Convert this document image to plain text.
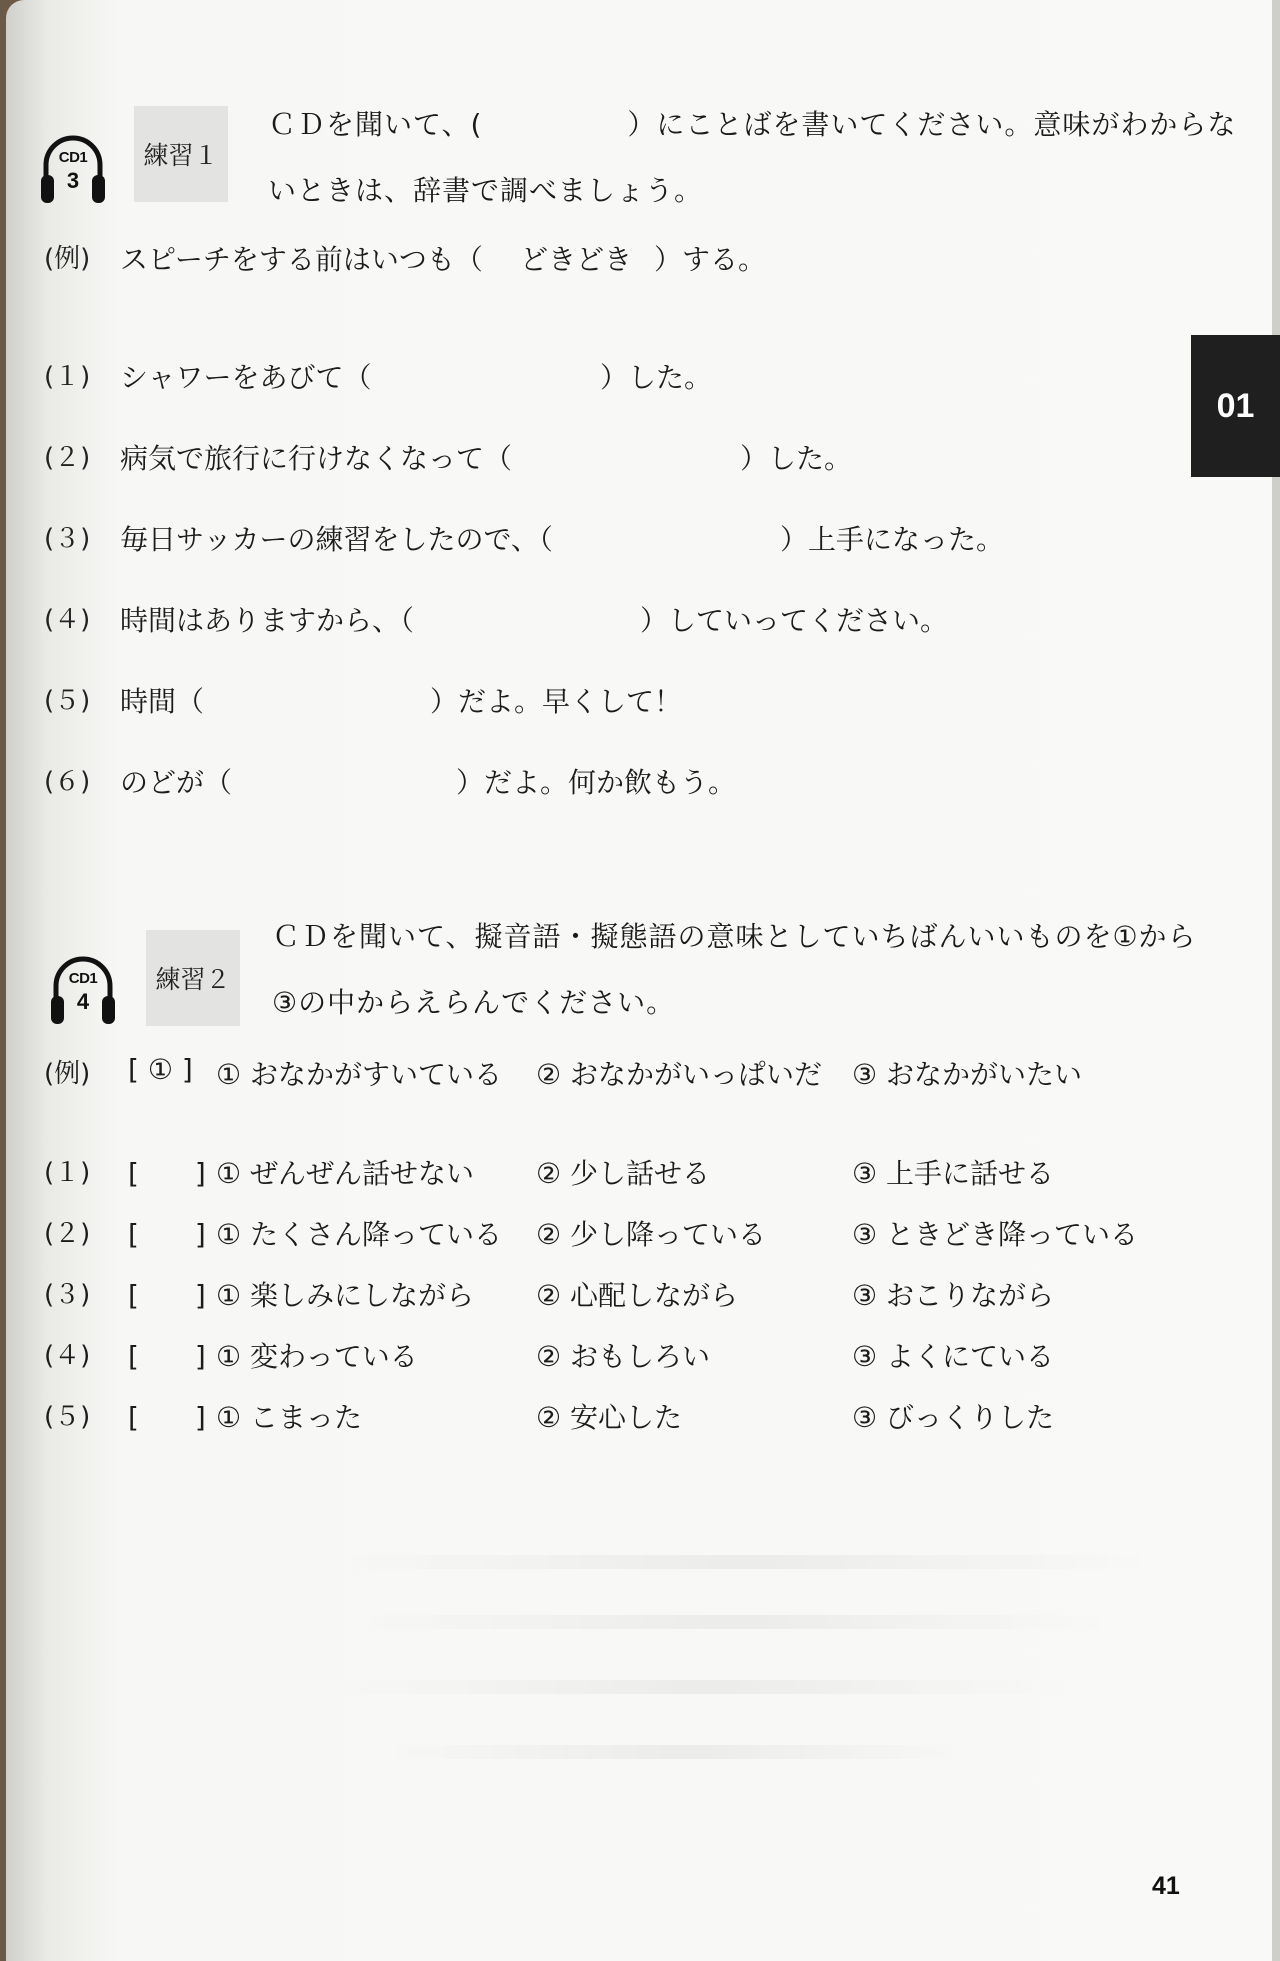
CD1
3
練習１
ＣＤを聞いて、(　　　　　）にことばを書いてください。意味がわからな
いときは、辞書で調べましょう。
(例) スピーチをする前はいつも（ どきどき ）する。
(１) シャワーをあびて（	）した。
(２) 病気で旅行に行けなくなって（	）した。
(３) 毎日サッカーの練習をしたので、（	）上手になった。
(４) 時間はありますから、（	）していってください。
(５) 時間（	）だよ。早くして！
(６) のどが（	）だよ。何か飲もう。
CD1
4
練習２
ＣＤを聞いて、擬音語・擬態語の意味としていちばんいいものを①から
③の中からえらんでください。
(例) [ ① ] ① おなかがすいている ② おなかがいっぱいだ ③ おなかがいたい
(１) [　　] ① ぜんぜん話せない ② 少し話せる	③ 上手に話せる
(２) [　　] ① たくさん降っている ② 少し降っている	③ ときどき降っている
(３) [　　] ① 楽しみにしながら ② 心配しながら	③ おこりながら
(４) [　　] ① 変わっている	② おもしろい	③ よくにている
(５) [　　] ① こまった	② 安心した	③ びっくりした
01
41
